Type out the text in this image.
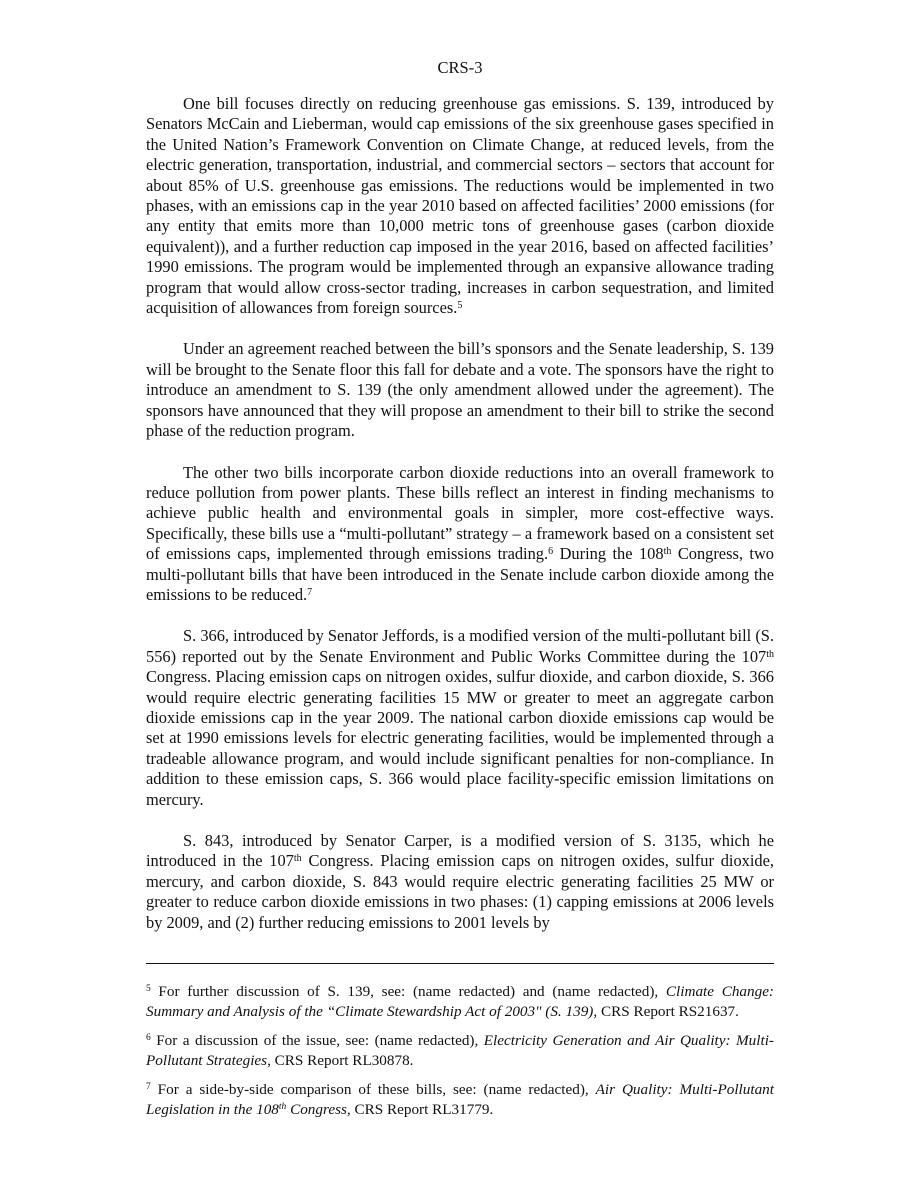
CRS-3

One bill focuses directly on reducing greenhouse gas emissions. S. 139, introduced by Senators McCain and Lieberman, would cap emissions of the six greenhouse gases specified in the United Nation’s Framework Convention on Climate Change, at reduced levels, from the electric generation, transportation, industrial, and commercial sectors – sectors that account for about 85% of U.S. greenhouse gas emissions. The reductions would be implemented in two phases, with an emissions cap in the year 2010 based on affected facilities’ 2000 emissions (for any entity that emits more than 10,000 metric tons of greenhouse gases (carbon dioxide equivalent)), and a further reduction cap imposed in the year 2016, based on affected facilities’ 1990 emissions. The program would be implemented through an expansive allowance trading program that would allow cross-sector trading, increases in carbon sequestration, and limited acquisition of allowances from foreign sources.$^5$

Under an agreement reached between the bill’s sponsors and the Senate leadership, S. 139 will be brought to the Senate floor this fall for debate and a vote. The sponsors have the right to introduce an amendment to S. 139 (the only amendment allowed under the agreement). The sponsors have announced that they will propose an amendment to their bill to strike the second phase of the reduction program.

The other two bills incorporate carbon dioxide reductions into an overall framework to reduce pollution from power plants. These bills reflect an interest in finding mechanisms to achieve public health and environmental goals in simpler, more cost-effective ways. Specifically, these bills use a “multi-pollutant” strategy – a framework based on a consistent set of emissions caps, implemented through emissions trading.$^6$ During the 108th Congress, two multi-pollutant bills that have been introduced in the Senate include carbon dioxide among the emissions to be reduced.$^7$

S. 366, introduced by Senator Jeffords, is a modified version of the multi-pollutant bill (S. 556) reported out by the Senate Environment and Public Works Committee during the 107th Congress. Placing emission caps on nitrogen oxides, sulfur dioxide, and carbon dioxide, S. 366 would require electric generating facilities 15 MW or greater to meet an aggregate carbon dioxide emissions cap in the year 2009. The national carbon dioxide emissions cap would be set at 1990 emissions levels for electric generating facilities, would be implemented through a tradeable allowance program, and would include significant penalties for non-compliance. In addition to these emission caps, S. 366 would place facility-specific emission limitations on mercury.

S. 843, introduced by Senator Carper, is a modified version of S. 3135, which he introduced in the 107th Congress. Placing emission caps on nitrogen oxides, sulfur dioxide, mercury, and carbon dioxide, S. 843 would require electric generating facilities 25 MW or greater to reduce carbon dioxide emissions in two phases: (1) capping emissions at 2006 levels by 2009, and (2) further reducing emissions to 2001 levels by

$^5$ For further discussion of S. 139, see: (name redacted) and (name redacted), Climate Change: Summary and Analysis of the “Climate Stewardship Act of 2003" (S. 139), CRS Report RS21637.

$^6$ For a discussion of the issue, see: (name redacted), Electricity Generation and Air Quality: Multi-Pollutant Strategies, CRS Report RL30878.

$^7$ For a side-by-side comparison of these bills, see: (name redacted), Air Quality: Multi-Pollutant Legislation in the 108th Congress, CRS Report RL31779.
